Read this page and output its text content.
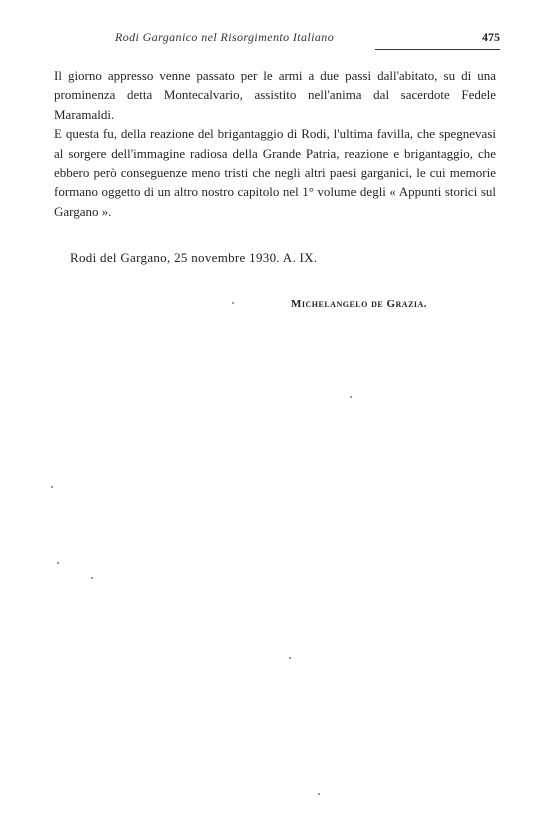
Rodi Garganico nel Risorgimento Italiano	475

Il giorno appresso venne passato per le armi a due passi dall'abitato, su di una prominenza detta Montecalvario, assistito nell'anima dal sacerdote Fedele Maramaldi.

E questa fu, della reazione del brigantaggio di Rodi, l'ultima favilla, che spegnevasi al sorgere dell'immagine radiosa della Grande Patria, reazione e brigantaggio, che ebbero però conseguenze meno tristi che negli altri paesi garganici, le cui memorie formano oggetto di un altro nostro capitolo nel 1° volume degli « Appunti storici sul Gargano ».

Rodi del Gargano, 25 novembre 1930. A. IX.
Michelangelo de Grazia.
